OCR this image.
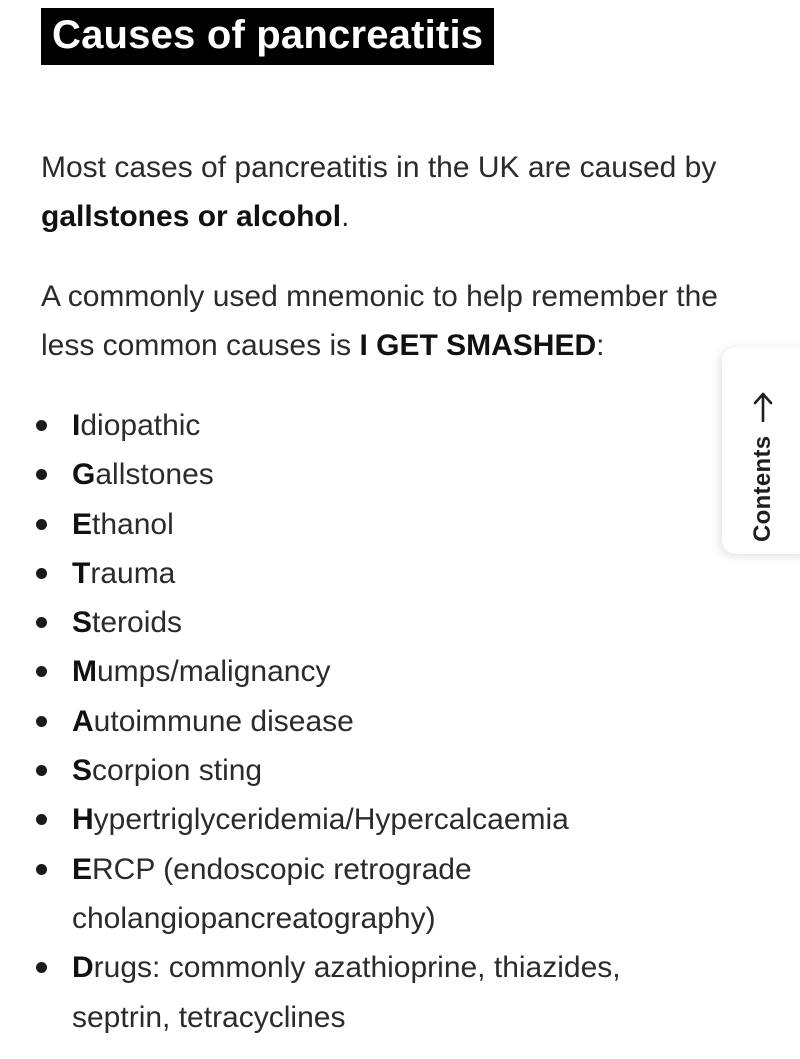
Causes of pancreatitis

Most cases of pancreatitis in the UK are caused by gallstones or alcohol.

A commonly used mnemonic to help remember the less common causes is I GET SMASHED:

Idiopathic
Gallstones
Ethanol
Trauma
Steroids
Mumps/malignancy
Autoimmune disease
Scorpion sting
Hypertriglyceridemia/Hypercalcaemia
ERCP (endoscopic retrograde cholangiopancreatography)
Drugs: commonly azathioprine, thiazides, septrin, tetracyclines
Contents
